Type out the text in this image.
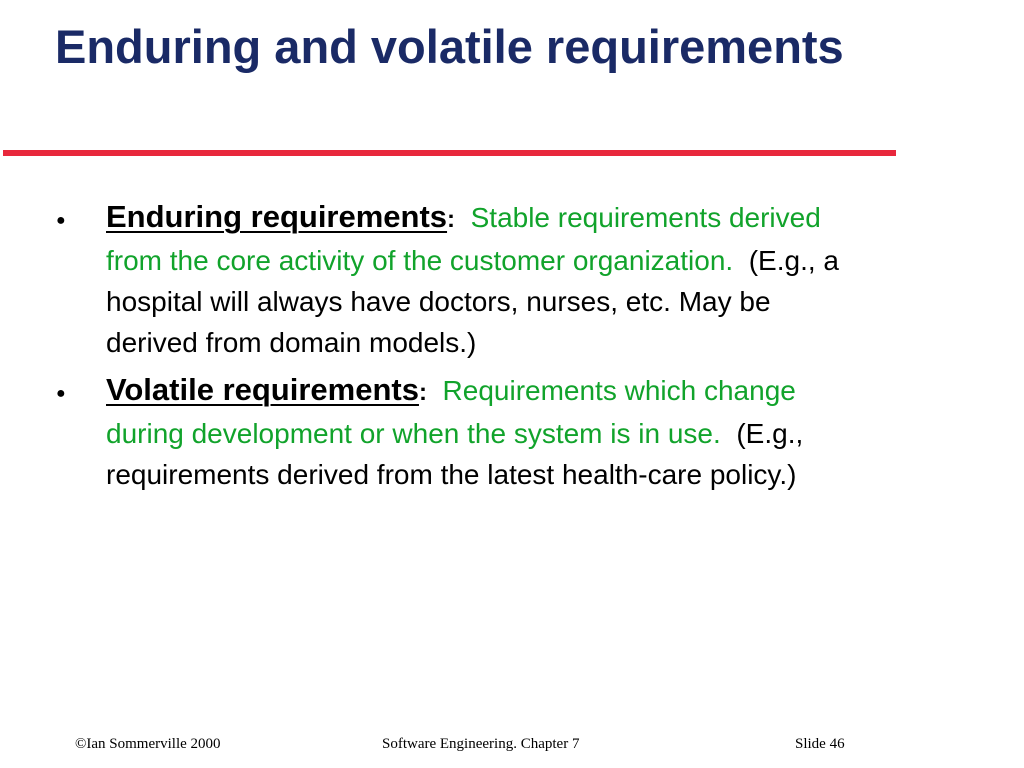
Enduring and volatile requirements
● Enduring requirements: Stable requirements derived from the core activity of the customer organization. (E.g., a hospital will always have doctors, nurses, etc. May be derived from domain models.)
● Volatile requirements: Requirements which change during development or when the system is in use. (E.g., requirements derived from the latest health-care policy.)
©Ian Sommerville 2000	Software Engineering. Chapter 7	Slide 46
